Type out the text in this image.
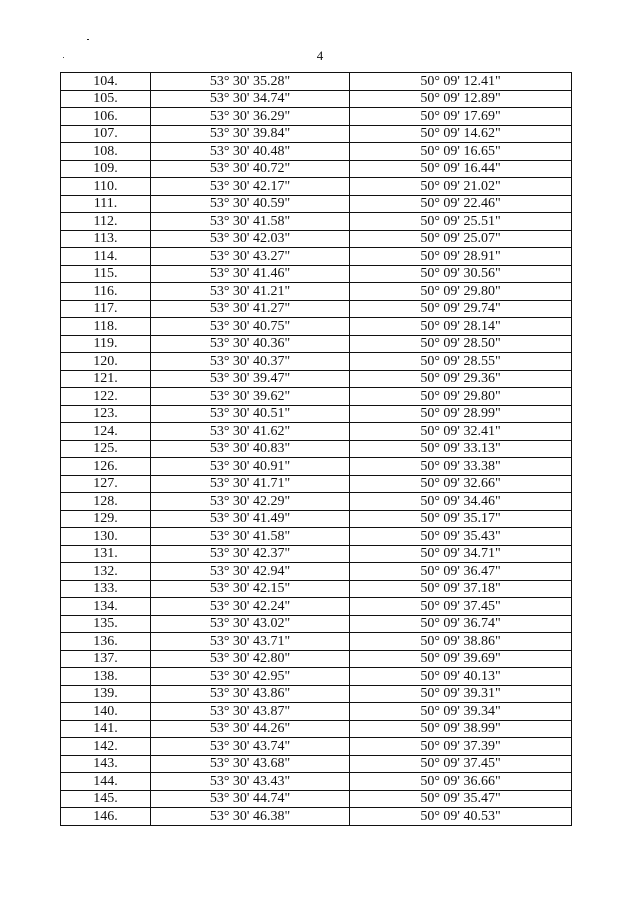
4
104.	53° 30' 35.28"	50° 09' 12.41"
105.	53° 30' 34.74"	50° 09' 12.89"
106.	53° 30' 36.29"	50° 09' 17.69"
107.	53° 30' 39.84"	50° 09' 14.62"
108.	53° 30' 40.48"	50° 09' 16.65"
109.	53° 30' 40.72"	50° 09' 16.44"
110.	53° 30' 42.17"	50° 09' 21.02"
111.	53° 30' 40.59"	50° 09' 22.46"
112.	53° 30' 41.58"	50° 09' 25.51"
113.	53° 30' 42.03"	50° 09' 25.07"
114.	53° 30' 43.27"	50° 09' 28.91"
115.	53° 30' 41.46"	50° 09' 30.56"
116.	53° 30' 41.21"	50° 09' 29.80"
117.	53° 30' 41.27"	50° 09' 29.74"
118.	53° 30' 40.75"	50° 09' 28.14"
119.	53° 30' 40.36"	50° 09' 28.50"
120.	53° 30' 40.37"	50° 09' 28.55"
121.	53° 30' 39.47"	50° 09' 29.36"
122.	53° 30' 39.62"	50° 09' 29.80"
123.	53° 30' 40.51"	50° 09' 28.99"
124.	53° 30' 41.62"	50° 09' 32.41"
125.	53° 30' 40.83"	50° 09' 33.13"
126.	53° 30' 40.91"	50° 09' 33.38"
127.	53° 30' 41.71"	50° 09' 32.66"
128.	53° 30' 42.29"	50° 09' 34.46"
129.	53° 30' 41.49"	50° 09' 35.17"
130.	53° 30' 41.58"	50° 09' 35.43"
131.	53° 30' 42.37"	50° 09' 34.71"
132.	53° 30' 42.94"	50° 09' 36.47"
133.	53° 30' 42.15"	50° 09' 37.18"
134.	53° 30' 42.24"	50° 09' 37.45"
135.	53° 30' 43.02"	50° 09' 36.74"
136.	53° 30' 43.71"	50° 09' 38.86"
137.	53° 30' 42.80"	50° 09' 39.69"
138.	53° 30' 42.95"	50° 09' 40.13"
139.	53° 30' 43.86"	50° 09' 39.31"
140.	53° 30' 43.87"	50° 09' 39.34"
141.	53° 30' 44.26"	50° 09' 38.99"
142.	53° 30' 43.74"	50° 09' 37.39"
143.	53° 30' 43.68"	50° 09' 37.45"
144.	53° 30' 43.43"	50° 09' 36.66"
145.	53° 30' 44.74"	50° 09' 35.47"
146.	53° 30' 46.38"	50° 09' 40.53"
